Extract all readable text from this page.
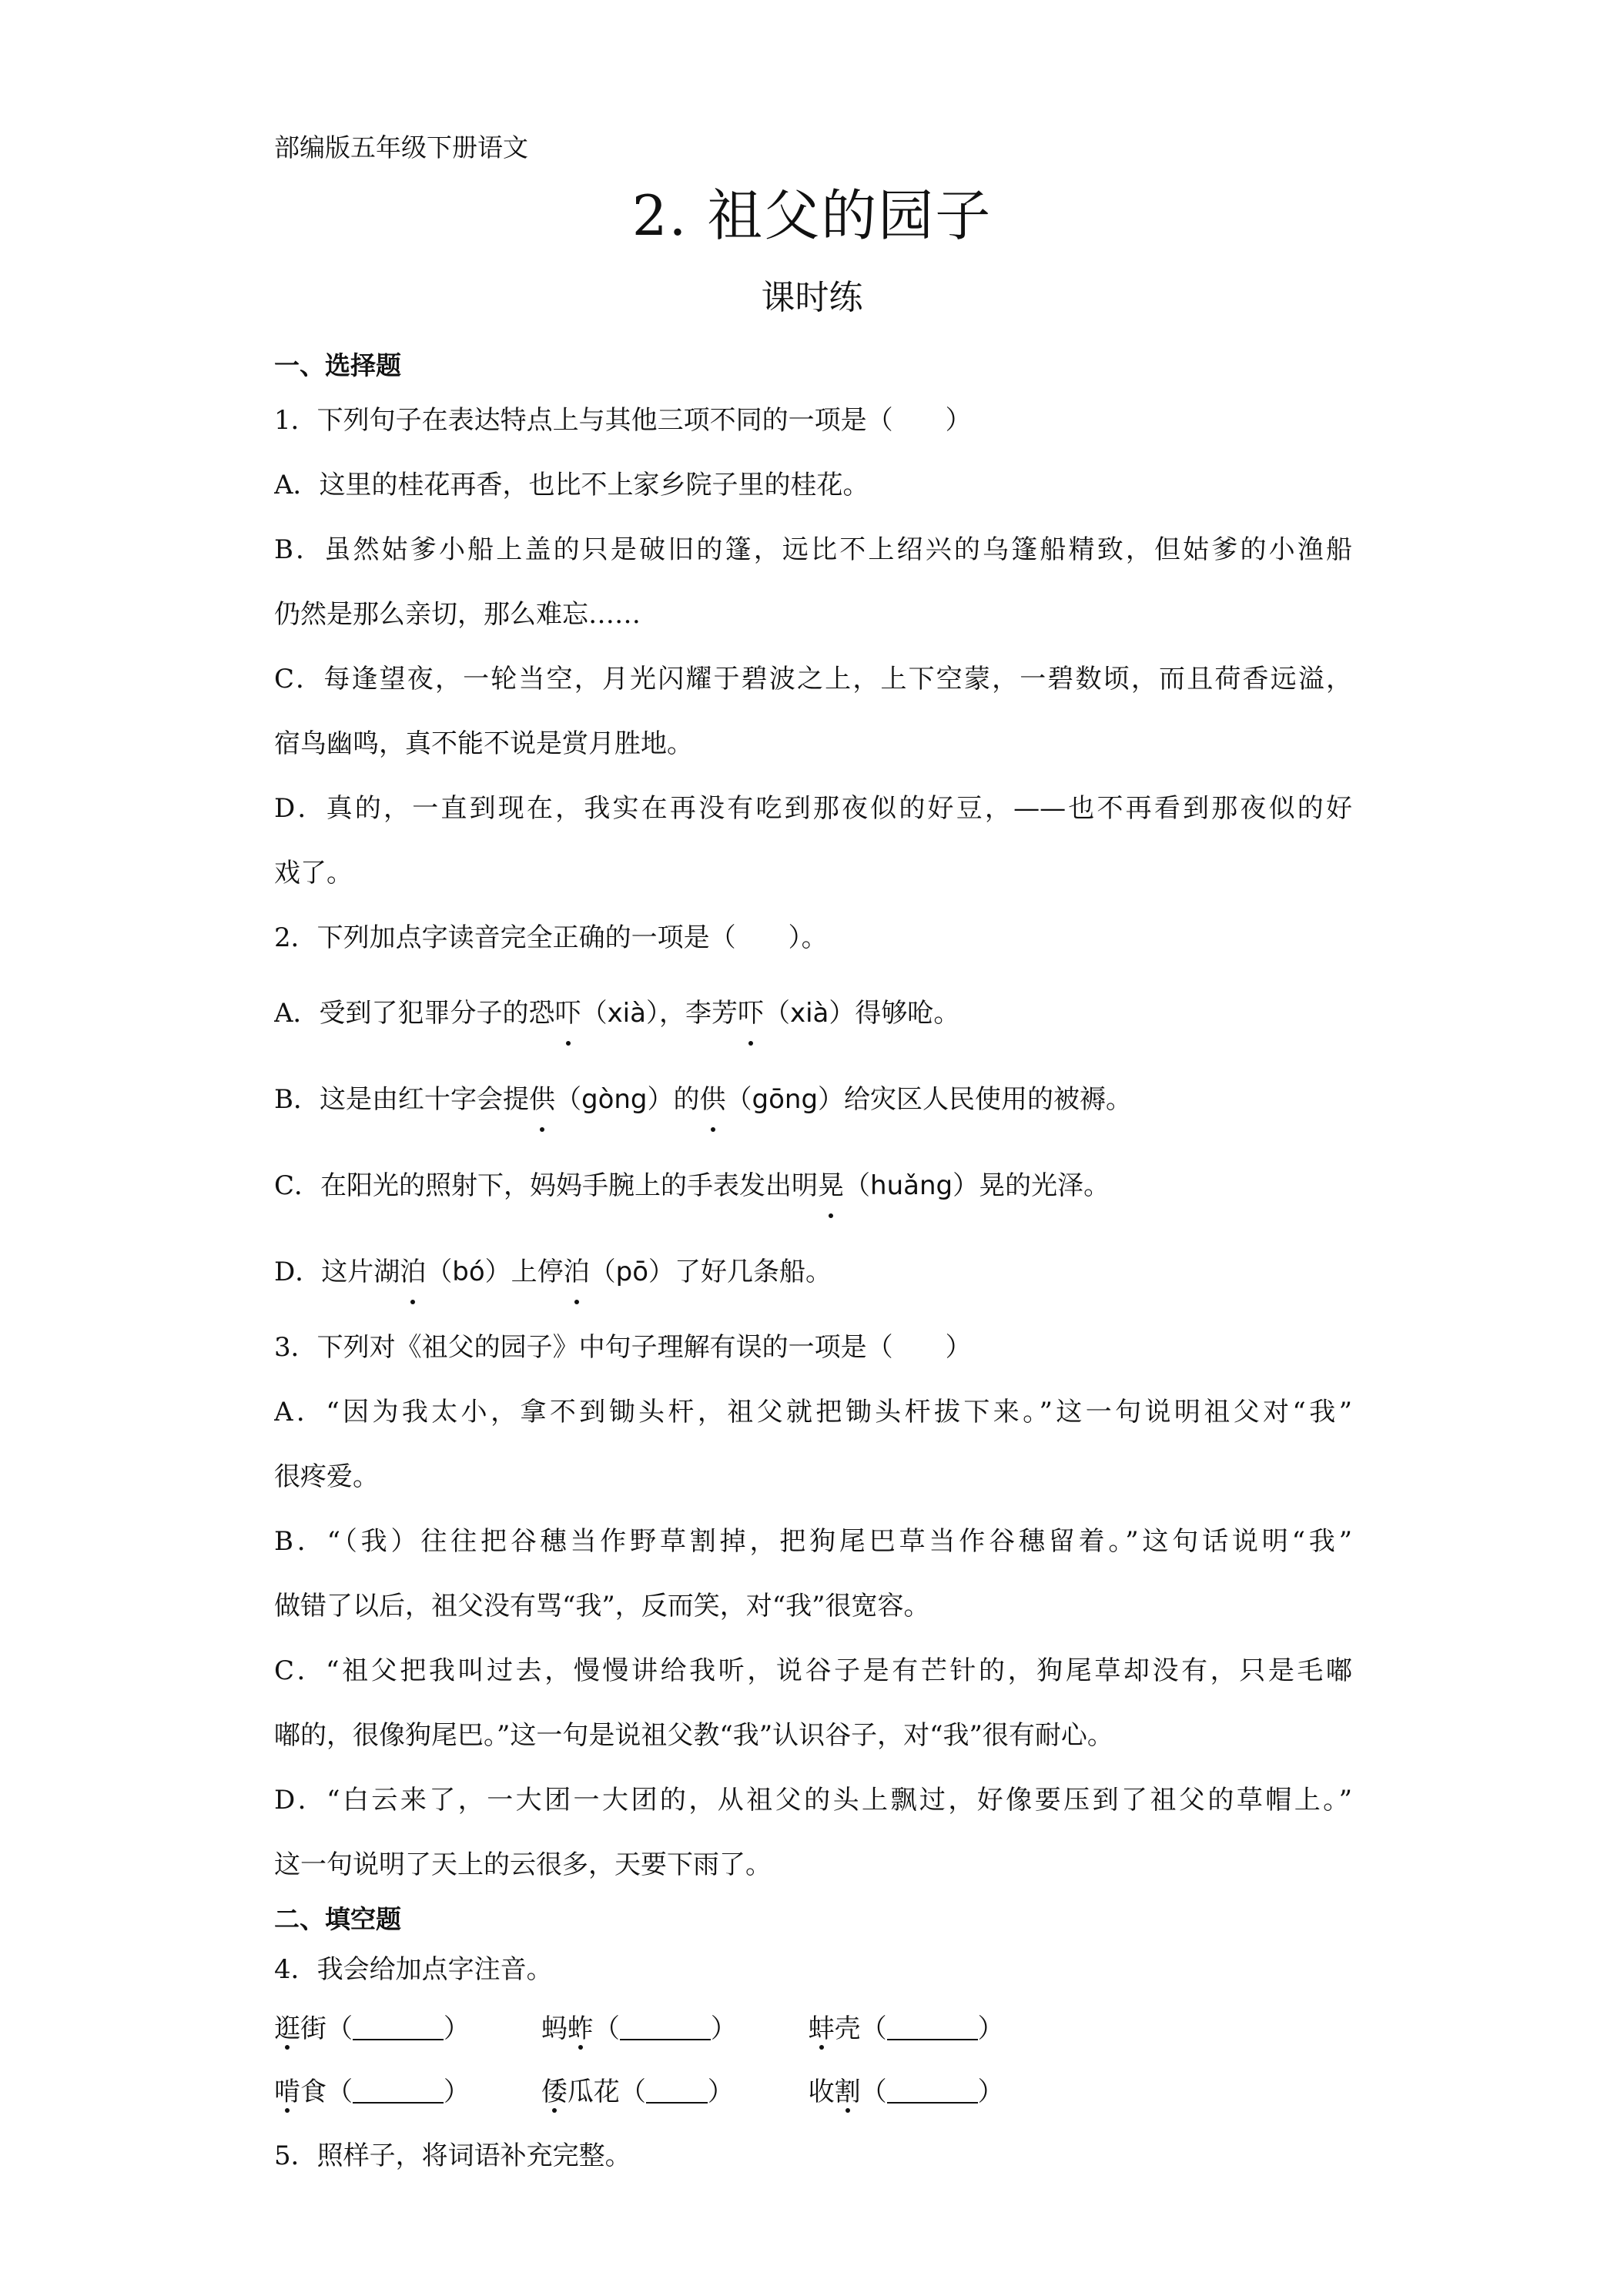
部编版五年级下册语文
2. 祖父的园子
课时练
一、选择题
1．下列句子在表达特点上与其他三项不同的一项是（　　）
A．这里的桂花再香，也比不上家乡院子里的桂花。
B．虽然姑爹小船上盖的只是破旧的篷，远比不上绍兴的乌篷船精致，但姑爹的小渔船
仍然是那么亲切，那么难忘……
C．每逢望夜，一轮当空，月光闪耀于碧波之上，上下空蒙，一碧数顷，而且荷香远溢，
宿鸟幽鸣，真不能不说是赏月胜地。
D．真的，一直到现在，我实在再没有吃到那夜似的好豆，——也不再看到那夜似的好
戏了。
2．下列加点字读音完全正确的一项是（　　）。
A．受到了犯罪分子的恐吓（xià），李芳吓（xià）得够呛。
B．这是由红十字会提供（gòng）的供（gōng）给灾区人民使用的被褥。
C．在阳光的照射下，妈妈手腕上的手表发出明晃（huǎng）晃的光泽。
D．这片湖泊（bó）上停泊（pō）了好几条船。
3．下列对《祖父的园子》中句子理解有误的一项是（　　）
A．“因为我太小，拿不到锄头杆，祖父就把锄头杆拔下来。”这一句说明祖父对“我”
很疼爱。
B．“（我）往往把谷穗当作野草割掉，把狗尾巴草当作谷穗留着。”这句话说明“我”
做错了以后，祖父没有骂“我”，反而笑，对“我”很宽容。
C．“祖父把我叫过去，慢慢讲给我听，说谷子是有芒针的，狗尾草却没有，只是毛嘟
嘟的，很像狗尾巴。”这一句是说祖父教“我”认识谷子，对“我”很有耐心。
D．“白云来了，一大团一大团的，从祖父的头上飘过，好像要压到了祖父的草帽上。”
这一句说明了天上的云很多，天要下雨了。
二、填空题
4．我会给加点字注音。
逛街（	）	蚂蚱（	）	蚌壳（	）
啃食（	）	倭瓜花（ ）	收割（	）
5．照样子，将词语补充完整。
